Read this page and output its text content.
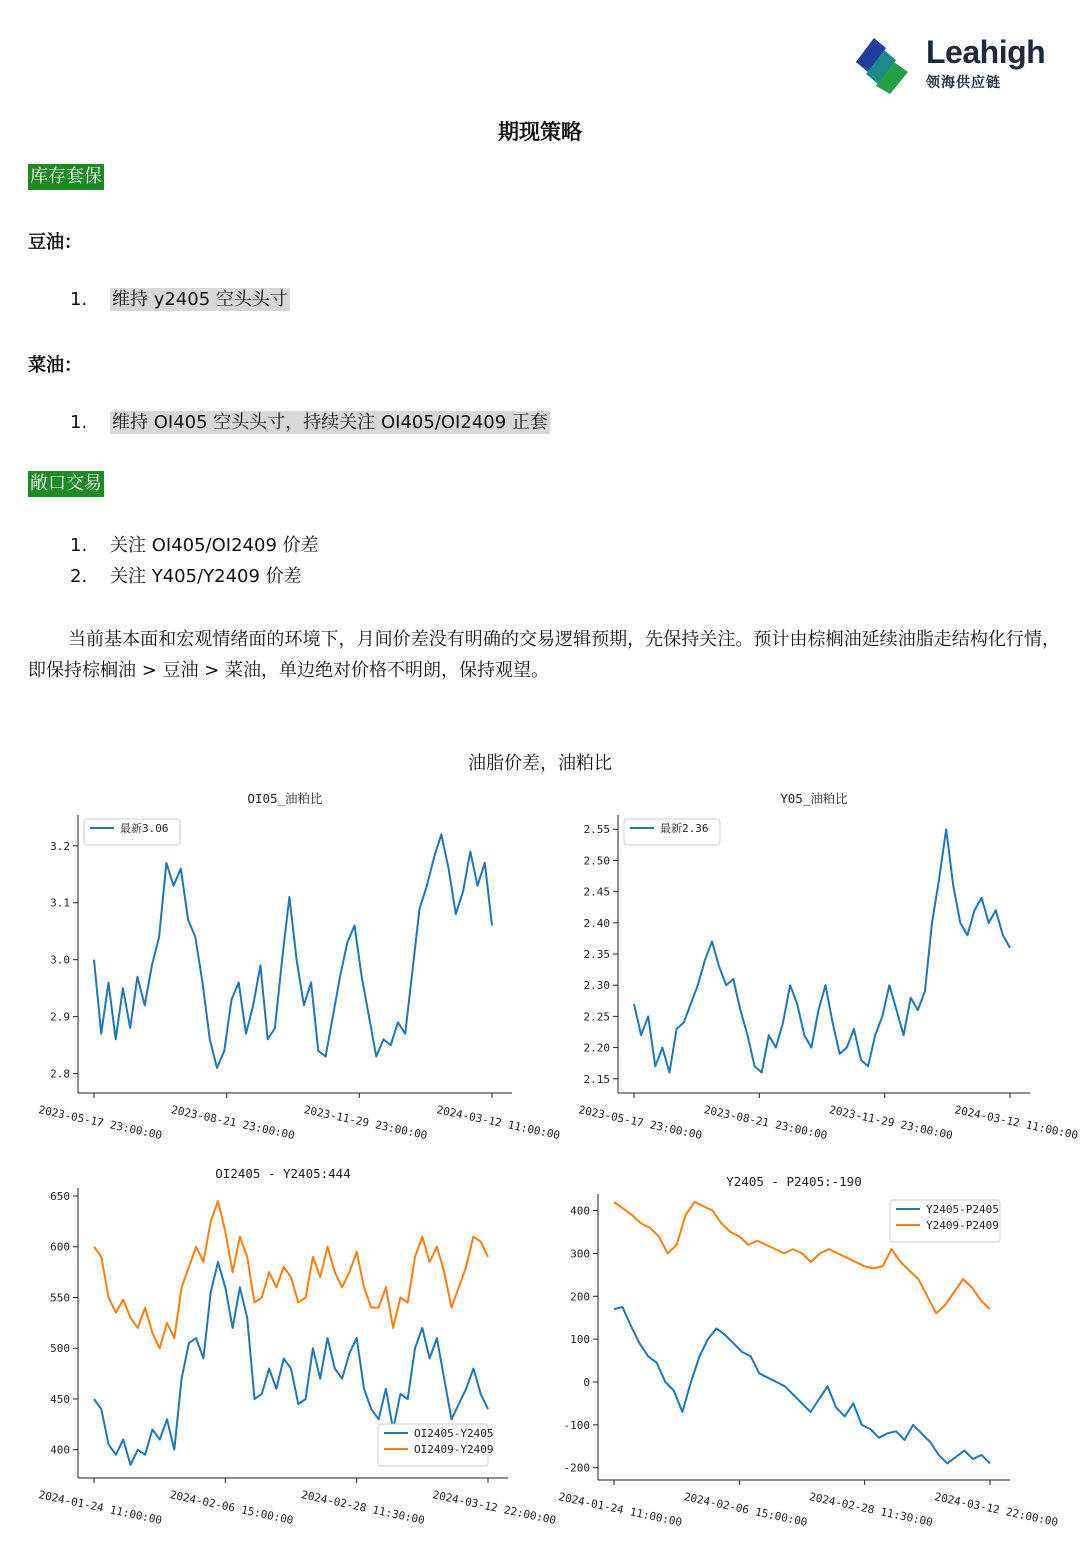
Leahigh
领海供应链
期现策略
库存套保
豆油：
1. 维持 y2405 空头头寸
菜油：
1. 维持 OI405 空头头寸，持续关注 OI405/OI2409 正套
敞口交易
1. 关注 OI405/OI2409 价差
2. 关注 Y405/Y2409 价差
当前基本面和宏观情绪面的环境下，月间价差没有明确的交易逻辑预期，先保持关注。预计由棕榈油延续油脂走结构化行情，即保持棕榈油 > 豆油 > 菜油，单边绝对价格不明朗，保持观望。
油脂价差，油粕比
OI05_油粕比
2.8
2.9
3.0
3.1
3.2
2023-05-17 23:00:00 2023-08-21 23:00:00 2023-11-29 23:00:00 2024-03-12 11:00:00
最新3.06
Y05_油粕比
2.15
2.20
2.25
2.30
2.35
2.40
2.45
2.50
2.55
2023-05-17 23:00:00 2023-08-21 23:00:00 2023-11-29 23:00:00 2024-03-12 11:00:00
最新2.36
OI2405 - Y2405:444
400
450
500
550
600
650
2024-01-24 11:00:00 2024-02-06 15:00:00 2024-02-28 11:30:00 2024-03-12 22:00:00
OI2405-Y2405
OI2409-Y2409
Y2405 - P2405:-190
-200
-100
0
100
200
300
400
2024-01-24 11:00:00 2024-02-06 15:00:00 2024-02-28 11:30:00 2024-03-12 22:00:00
Y2405-P2405
Y2409-P2409
